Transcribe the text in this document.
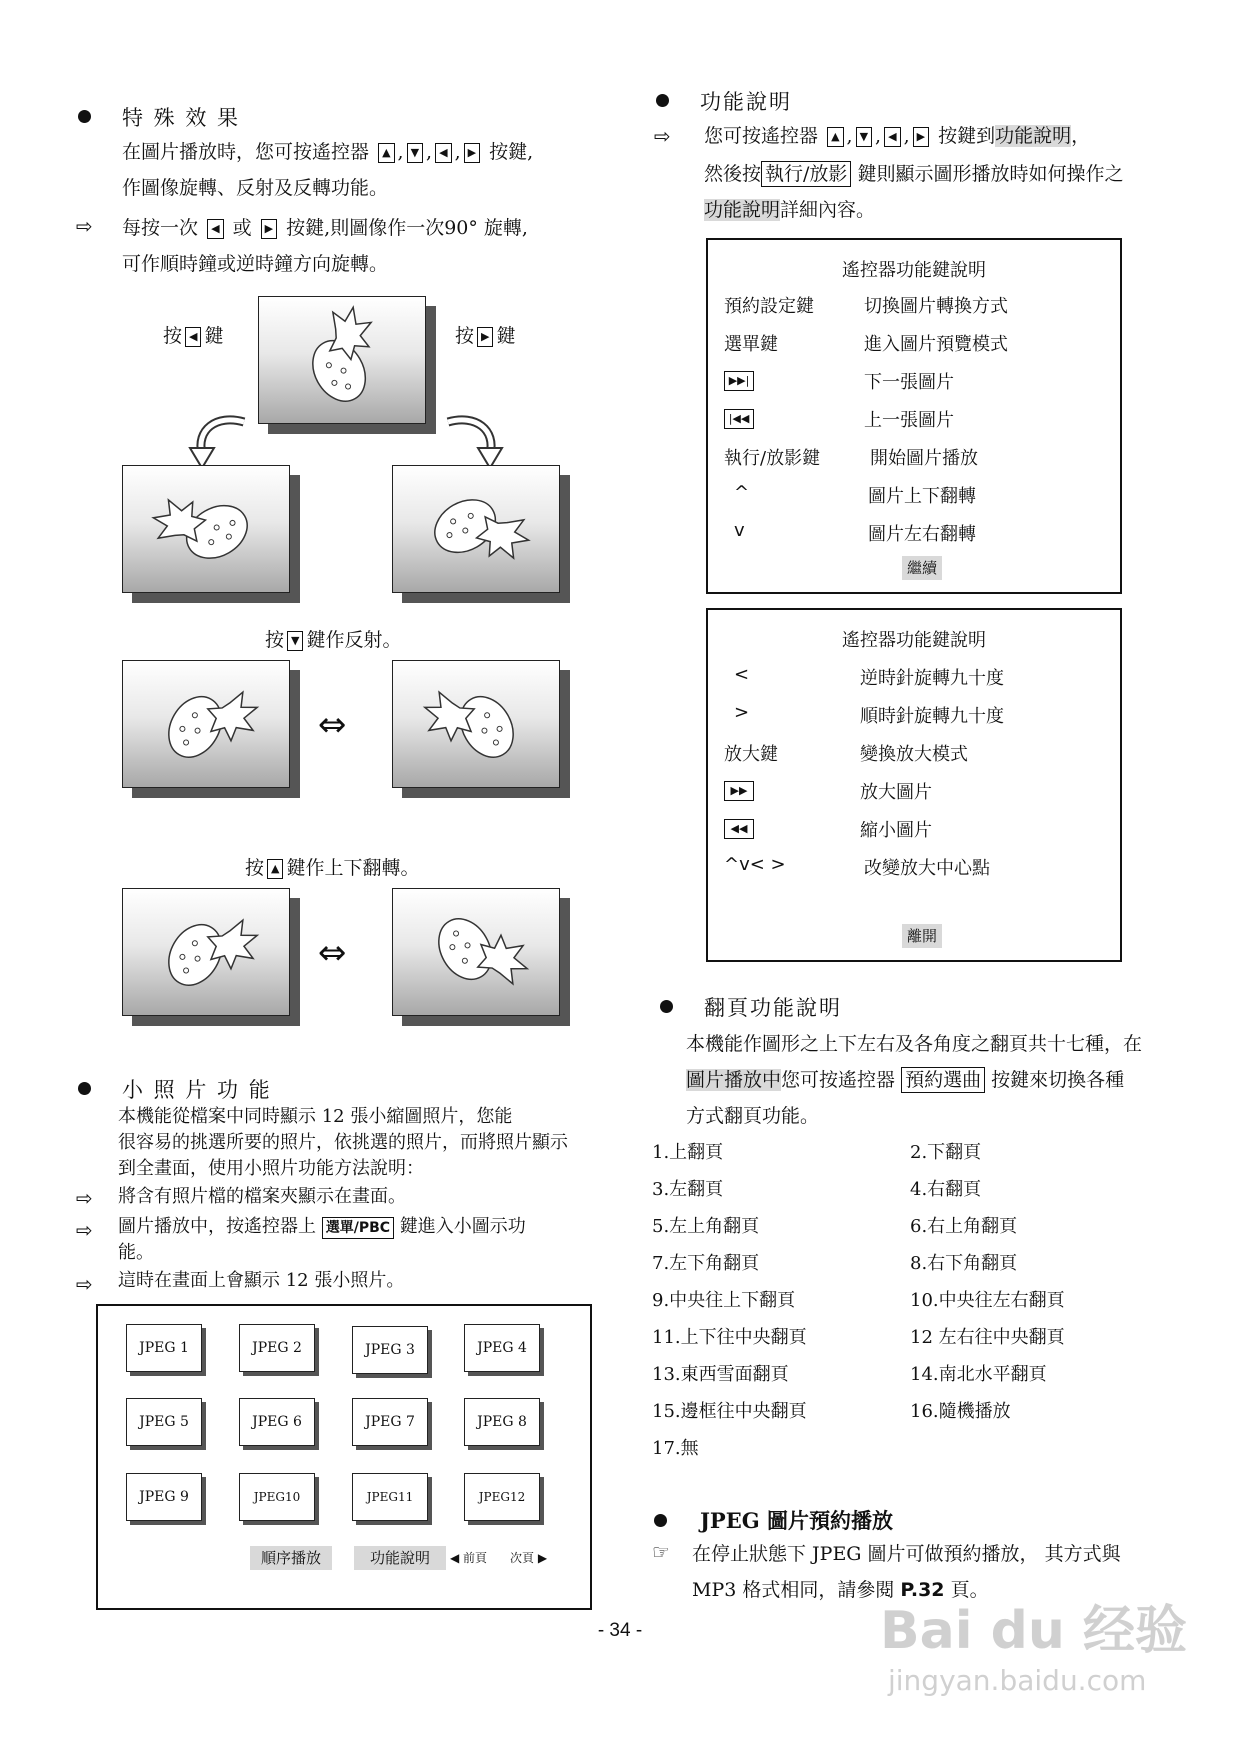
特 殊 效 果
在圖片播放時，您可按遙控器 ▲ , ▼ , ◀ , ▶ 按鍵,
作圖像旋轉、反射及反轉功能。
⇨ 每按一次 ◀ 或 ▶ 按鍵,則圖像作一次90° 旋轉,
可作順時鐘或逆時鐘方向旋轉。
按 ◀ 鍵	按 ▶ 鍵
按 ▼ 鍵作反射。
⇔
按 ▲ 鍵作上下翻轉。
⇔
小 照 片 功 能
本機能從檔案中同時顯示 12 張小縮圖照片，您能
很容易的挑選所要的照片，依挑選的照片，而將照片顯示
到全畫面，使用小照片功能方法說明：
⇨ 將含有照片檔的檔案夾顯示在畫面。
⇨ 圖片播放中，按遙控器上 選單/PBC 鍵進入小圖示功
能。
⇨ 這時在畫面上會顯示 12 張小照片。
JPEG 1	JPEG 2	JPEG 3	JPEG 4
JPEG 5	JPEG 6	JPEG 7	JPEG 8
JPEG 9	JPEG10	JPEG11	JPEG12
順序播放	功能說明	◀ 前頁 次頁 ▶
功能說明
⇨ 您可按遙控器 ▲ , ▼ , ◀ , ▶ 按鍵到功能說明，
然後按 執行/放影 鍵則顯示圖形播放時如何操作之
功能說明詳細內容。
遙控器功能鍵說明
預約設定鍵	切換圖片轉換方式
選單鍵	進入圖片預覽模式
▶▶|	下一張圖片
|◀◀	上一張圖片
執行/放影鍵	開始圖片播放
^	圖片上下翻轉
v	圖片左右翻轉
繼續
遙控器功能鍵說明
<	逆時針旋轉九十度
>	順時針旋轉九十度
放大鍵	變換放大模式
▶▶	放大圖片
◀◀	縮小圖片
^v< >	改變放大中心點
離開
翻頁功能說明
本機能作圖形之上下左右及各角度之翻頁共十七種，在
圖片播放中您可按遙控器 預約選曲 按鍵來切換各種
方式翻頁功能。
1.上翻頁	2.下翻頁
3.左翻頁	4.右翻頁
5.左上角翻頁	6.右上角翻頁
7.左下角翻頁	8.右下角翻頁
9.中央往上下翻頁	10.中央往左右翻頁
11.上下往中央翻頁	12 左右往中央翻頁
13.東西雪面翻頁	14.南北水平翻頁
15.邊框往中央翻頁	16.隨機播放
17.無
JPEG 圖片預約播放
☞ 在停止狀態下 JPEG 圖片可做預約播放， 其方式與
MP3 格式相同，請參閱 P.32 頁。
- 34 -	Bai du 经验
jingyan.baidu.com
